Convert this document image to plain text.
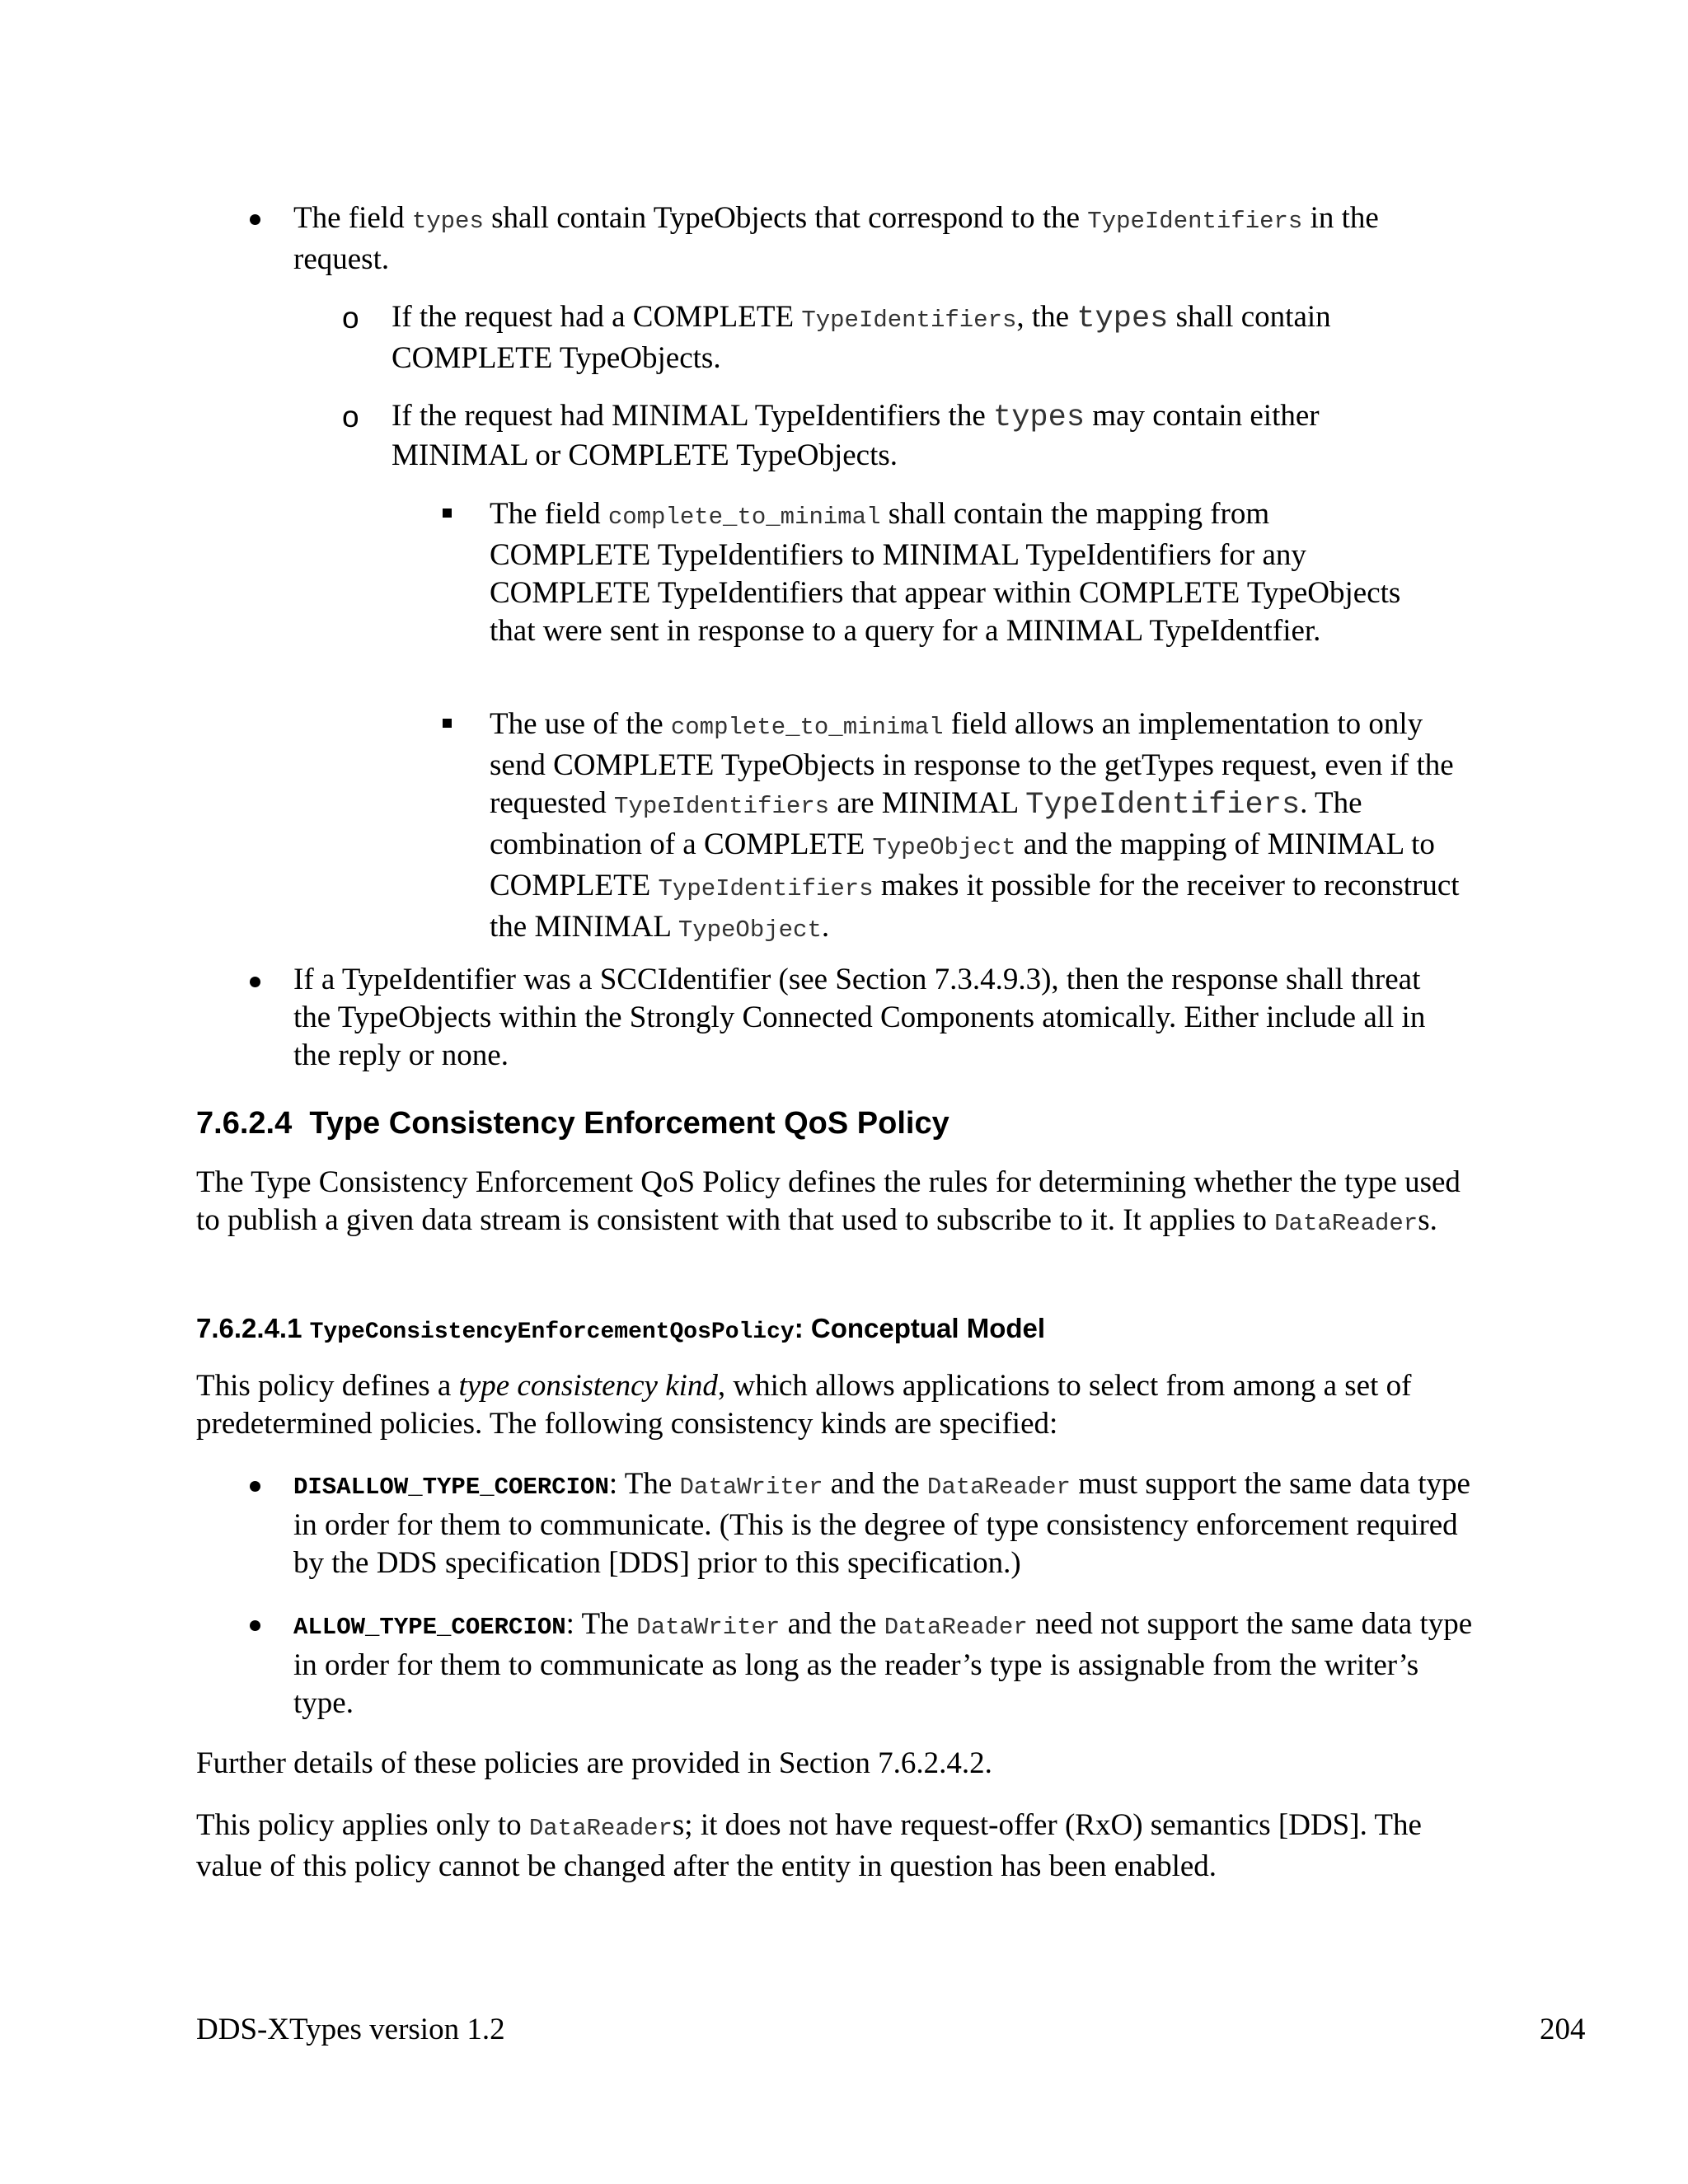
The field types shall contain TypeObjects that correspond to the TypeIdentifiers in the request.

o If the request had a COMPLETE TypeIdentifiers, the types shall contain COMPLETE TypeObjects.

o If the request had MINIMAL TypeIdentifiers the types may contain either MINIMAL or COMPLETE TypeObjects.

The field complete_to_minimal shall contain the mapping from COMPLETE TypeIdentifiers to MINIMAL TypeIdentifiers for any COMPLETE TypeIdentifiers that appear within COMPLETE TypeObjects that were sent in response to a query for a MINIMAL TypeIdentfier.

The use of the complete_to_minimal field allows an implementation to only send COMPLETE TypeObjects in response to the getTypes request, even if the requested TypeIdentifiers are MINIMAL TypeIdentifiers. The combination of a COMPLETE TypeObject and the mapping of MINIMAL to COMPLETE TypeIdentifiers makes it possible for the receiver to reconstruct the MINIMAL TypeObject.

If a TypeIdentifier was a SCCIdentifier (see Section 7.3.4.9.3), then the response shall threat the TypeObjects within the Strongly Connected Components atomically. Either include all in the reply or none.

7.6.2.4  Type Consistency Enforcement QoS Policy

The Type Consistency Enforcement QoS Policy defines the rules for determining whether the type used to publish a given data stream is consistent with that used to subscribe to it. It applies to DataReaders.

7.6.2.4.1 TypeConsistencyEnforcementQosPolicy: Conceptual Model

This policy defines a type consistency kind, which allows applications to select from among a set of predetermined policies. The following consistency kinds are specified:

DISALLOW_TYPE_COERCION: The DataWriter and the DataReader must support the same data type in order for them to communicate. (This is the degree of type consistency enforcement required by the DDS specification [DDS] prior to this specification.)

ALLOW_TYPE_COERCION: The DataWriter and the DataReader need not support the same data type in order for them to communicate as long as the reader’s type is assignable from the writer’s type.

Further details of these policies are provided in Section 7.6.2.4.2.

This policy applies only to DataReaders; it does not have request-offer (RxO) semantics [DDS]. The value of this policy cannot be changed after the entity in question has been enabled.

DDS-XTypes version 1.2	204
